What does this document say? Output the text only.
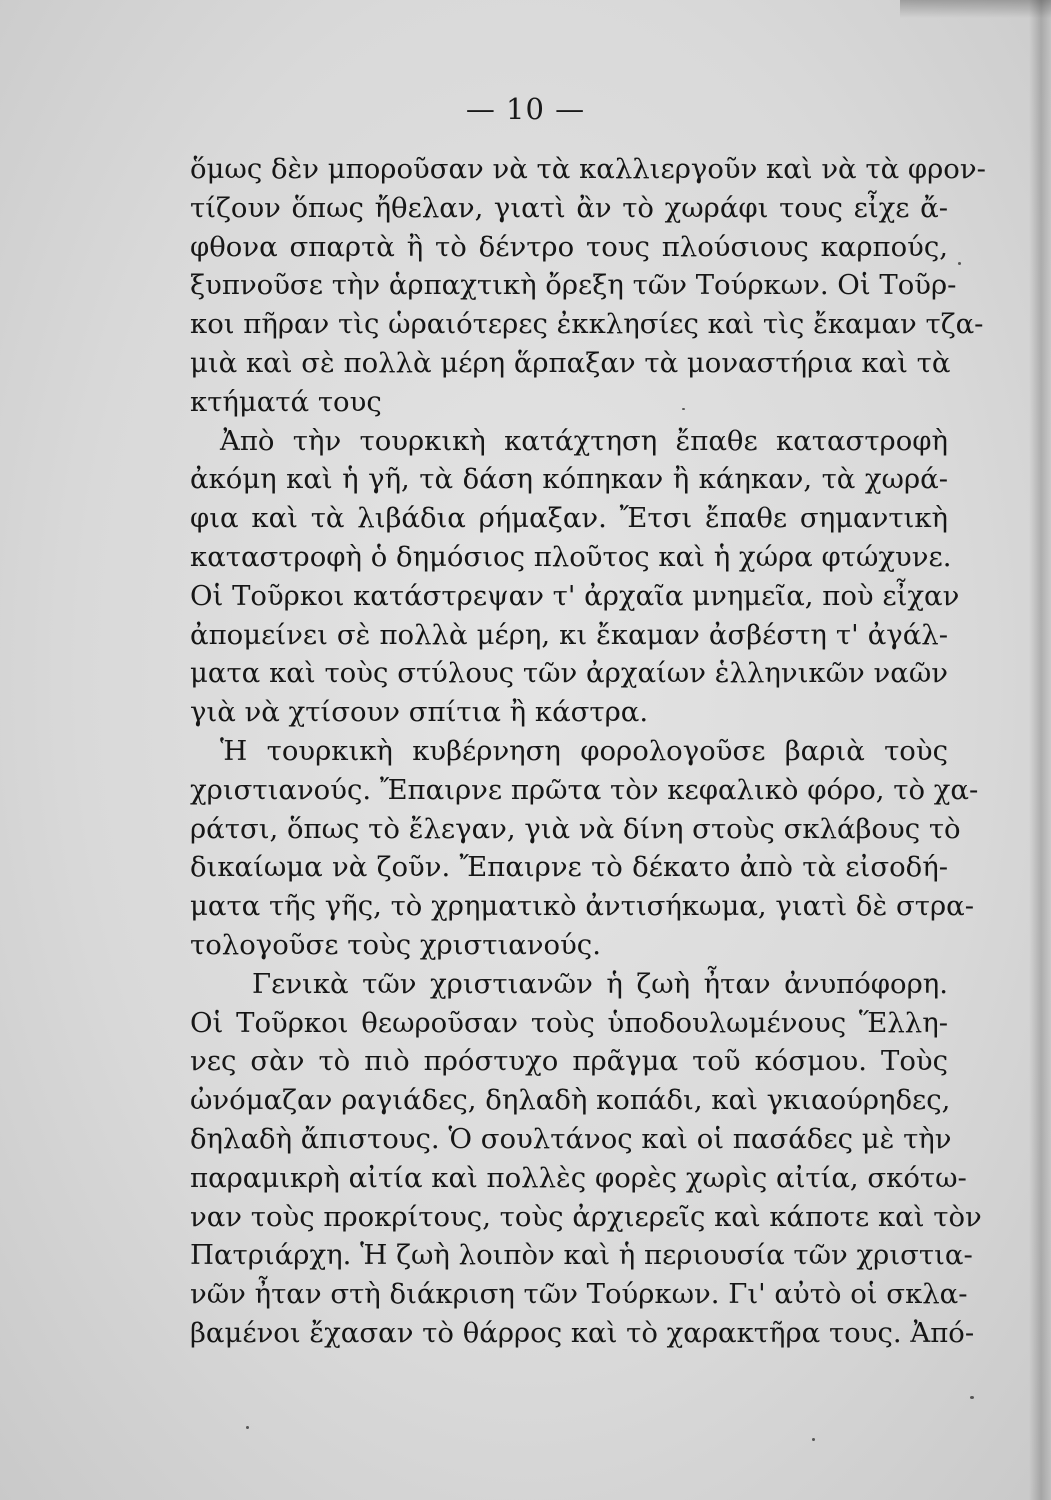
— 10 —
ὅμως δὲν μποροῦσαν νὰ τὰ καλλιεργοῦν καὶ νὰ τὰ φρον-
τίζουν ὅπως ἤθελαν, γιατὶ ἂν τὸ χωράφι τους εἶχε ἄ-
φθονα σπαρτὰ ἢ τὸ δέντρο τους πλούσιους καρπούς,
ξυπνοῦσε τὴν ἁρπαχτικὴ ὄρεξη τῶν Τούρκων. Οἱ Τοῦρ-
κοι πῆραν τὶς ὡραιότερες ἐκκλησίες καὶ τὶς ἔκαμαν τζα-
μιὰ καὶ σὲ πολλὰ μέρη ἅρπαξαν τὰ μοναστήρια καὶ τὰ
κτήματά τους
Ἀπὸ τὴν τουρκικὴ κατάχτηση ἔπαθε καταστροφὴ
ἀκόμη καὶ ἡ γῆ, τὰ δάση κόπηκαν ἢ κάηκαν, τὰ χωρά-
φια καὶ τὰ λιβάδια ρήμαξαν. Ἔτσι ἔπαθε σημαντικὴ
καταστροφὴ ὁ δημόσιος πλοῦτος καὶ ἡ χώρα φτώχυνε.
Οἱ Τοῦρκοι κατάστρεψαν τ' ἀρχαῖα μνημεῖα, ποὺ εἶχαν
ἀπομείνει σὲ πολλὰ μέρη, κι ἔκαμαν ἀσβέστη τ' ἀγάλ-
ματα καὶ τοὺς στύλους τῶν ἀρχαίων ἑλληνικῶν ναῶν
γιὰ νὰ χτίσουν σπίτια ἢ κάστρα.
Ἡ τουρκικὴ κυβέρνηση φορολογοῦσε βαριὰ τοὺς
χριστιανούς. Ἔπαιρνε πρῶτα τὸν κεφαλικὸ φόρο, τὸ χα-
ράτσι, ὅπως τὸ ἔλεγαν, γιὰ νὰ δίνη στοὺς σκλάβους τὸ
δικαίωμα νὰ ζοῦν. Ἔπαιρνε τὸ δέκατο ἀπὸ τὰ εἰσοδή-
ματα τῆς γῆς, τὸ χρηματικὸ ἀντισήκωμα, γιατὶ δὲ στρα-
τολογοῦσε τοὺς χριστιανούς.
Γενικὰ τῶν χριστιανῶν ἡ ζωὴ ἦταν ἀνυπόφορη.
Οἱ Τοῦρκοι θεωροῦσαν τοὺς ὑποδουλωμένους Ἕλλη-
νες σὰν τὸ πιὸ πρόστυχο πρᾶγμα τοῦ κόσμου. Τοὺς
ὠνόμαζαν ραγιάδες, δηλαδὴ κοπάδι, καὶ γκιαούρηδες,
δηλαδὴ ἄπιστους. Ὁ σουλτάνος καὶ οἱ πασάδες μὲ τὴν
παραμικρὴ αἰτία καὶ πολλὲς φορὲς χωρὶς αἰτία, σκότω-
ναν τοὺς προκρίτους, τοὺς ἀρχιερεῖς καὶ κάποτε καὶ τὸν
Πατριάρχη. Ἡ ζωὴ λοιπὸν καὶ ἡ περιουσία τῶν χριστια-
νῶν ἦταν στὴ διάκριση τῶν Τούρκων. Γι' αὐτὸ οἱ σκλα-
βαμένοι ἔχασαν τὸ θάρρος καὶ τὸ χαρακτῆρα τους. Ἀπό-
